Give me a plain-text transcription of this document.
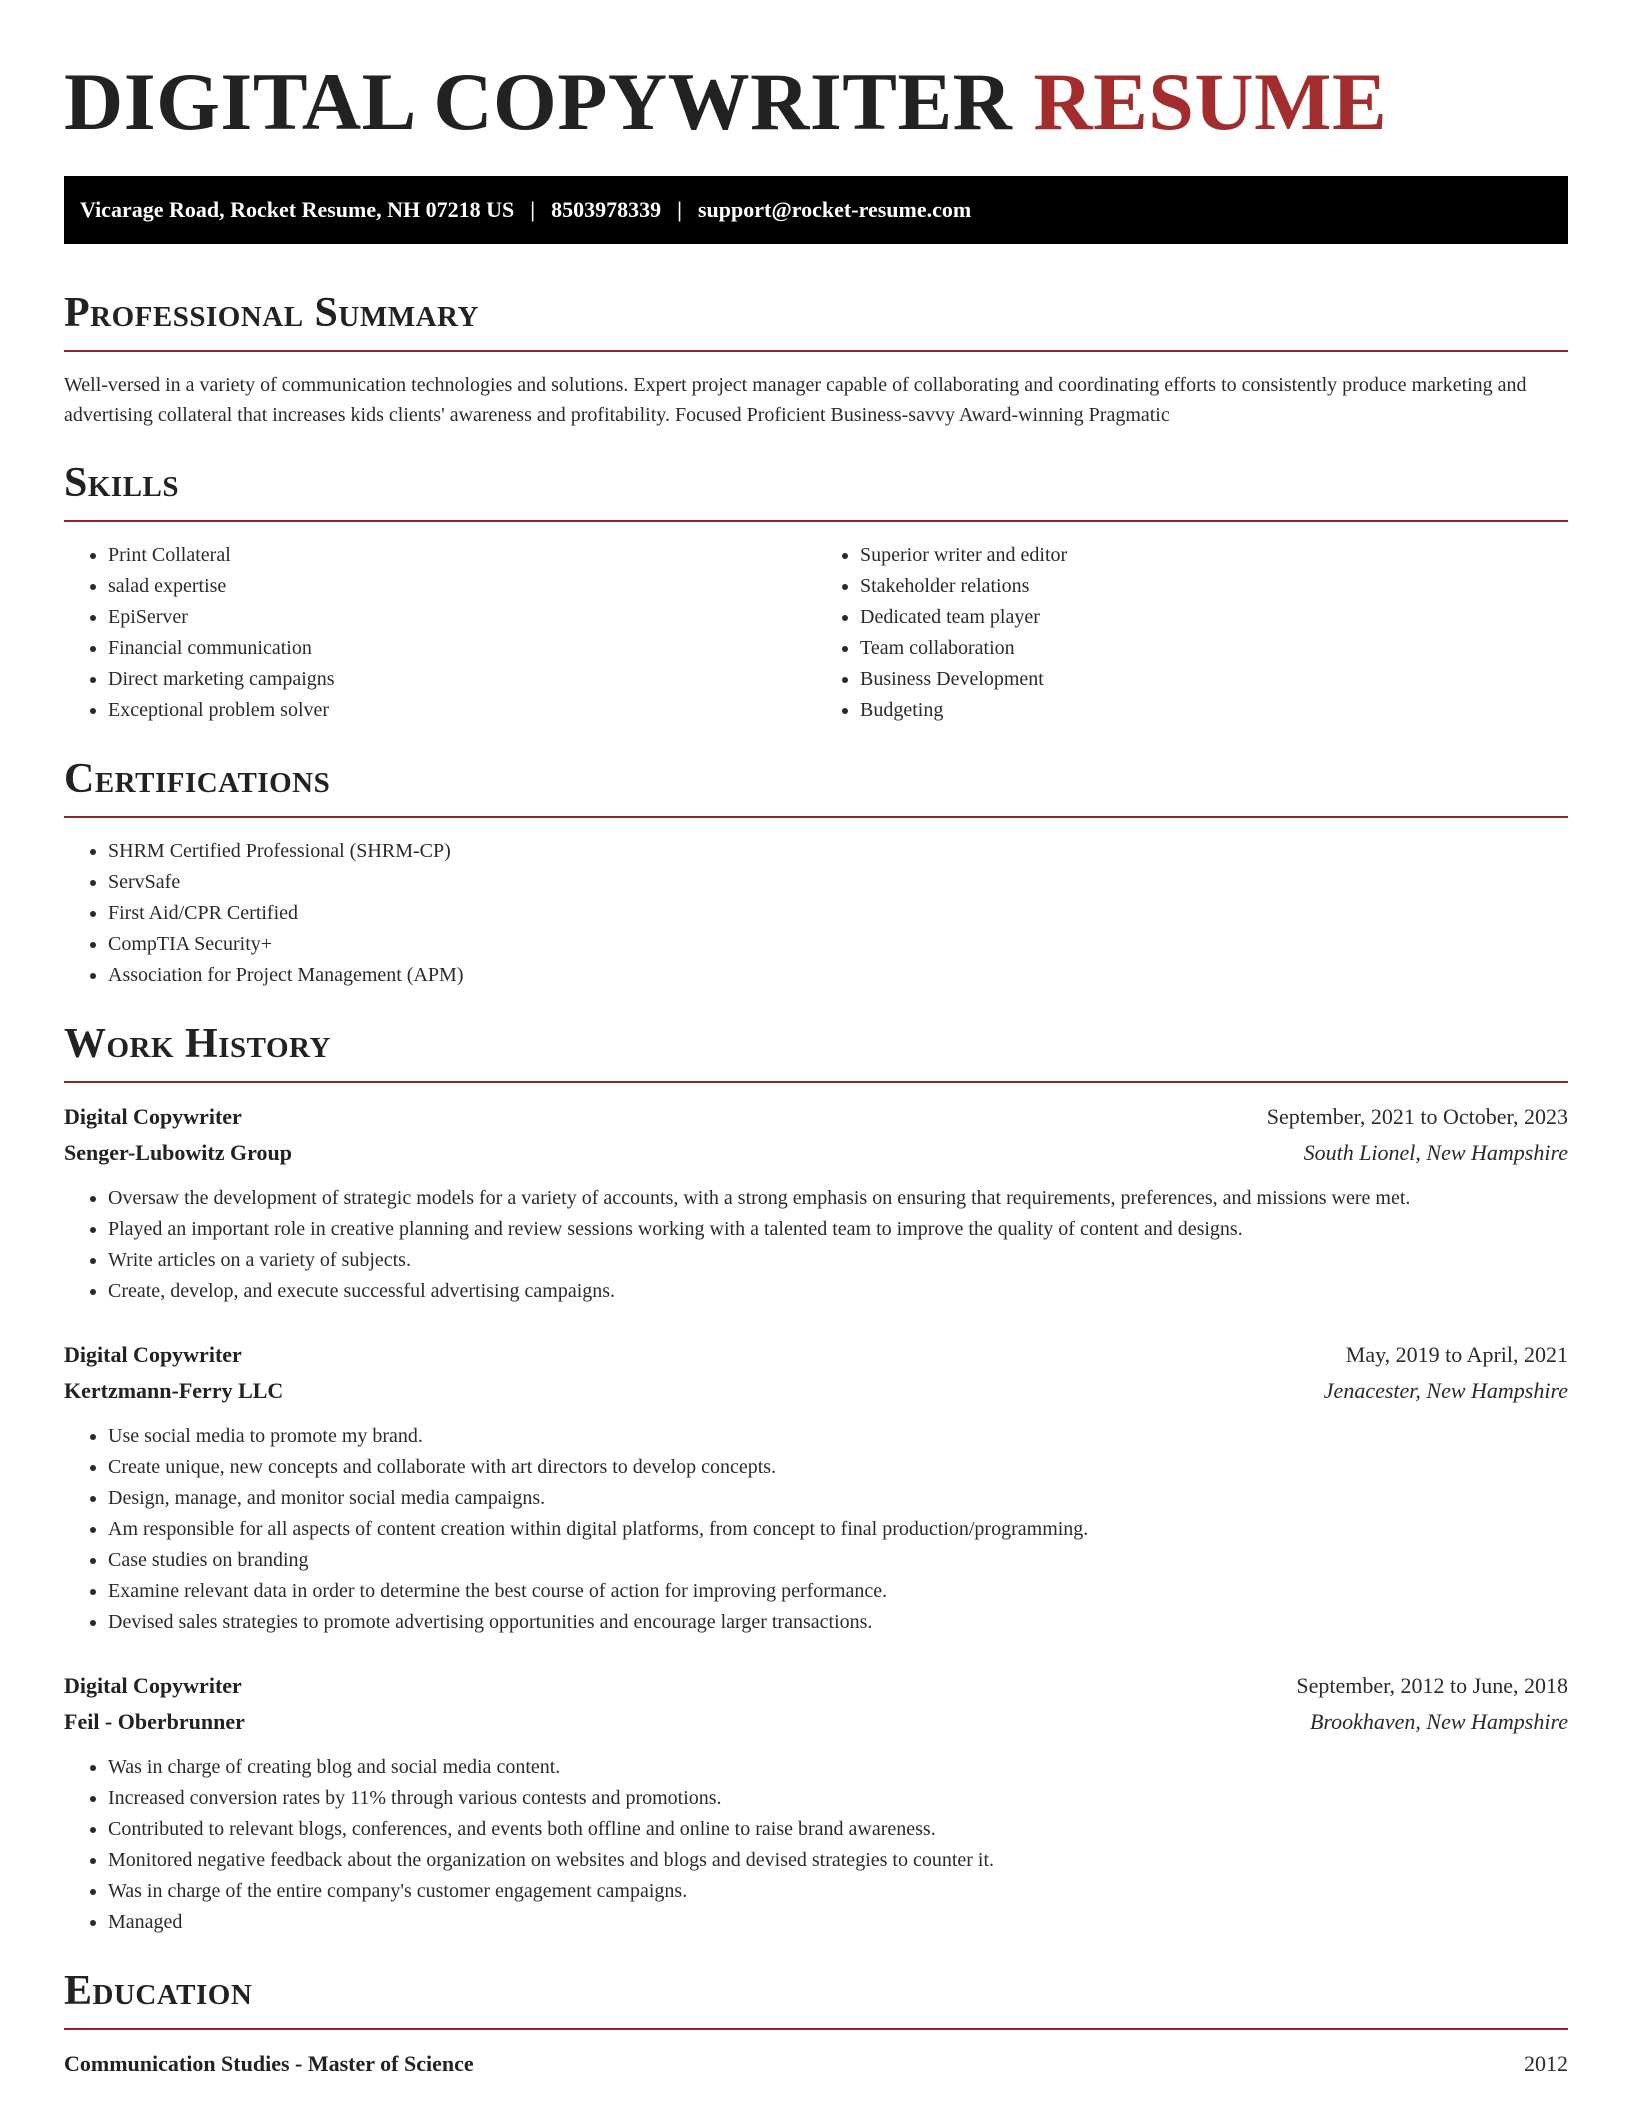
DIGITAL COPYWRITER RESUME
Vicarage Road, Rocket Resume, NH 07218 US | 8503978339 | support@rocket-resume.com
Professional Summary

Well-versed in a variety of communication technologies and solutions. Expert project manager capable of collaborating and coordinating efforts to consistently produce marketing and advertising collateral that increases kids clients' awareness and profitability. Focused Proficient Business-savvy Award-winning Pragmatic

Skills
• Print Collateral
• salad expertise
• EpiServer
• Financial communication
• Direct marketing campaigns
• Exceptional problem solver
• Superior writer and editor
• Stakeholder relations
• Dedicated team player
• Team collaboration
• Business Development
• Budgeting
Certifications
• SHRM Certified Professional (SHRM-CP)
• ServSafe
• First Aid/CPR Certified
• CompTIA Security+
• Association for Project Management (APM)
Work History
Digital Copywriter	September, 2021 to October, 2023
Senger-Lubowitz Group	South Lionel, New Hampshire
• Oversaw the development of strategic models for a variety of accounts, with a strong emphasis on ensuring that requirements, preferences, and missions were met.
• Played an important role in creative planning and review sessions working with a talented team to improve the quality of content and designs.
• Write articles on a variety of subjects.
• Create, develop, and execute successful advertising campaigns.
Digital Copywriter	May, 2019 to April, 2021
Kertzmann-Ferry LLC	Jenacester, New Hampshire
• Use social media to promote my brand.
• Create unique, new concepts and collaborate with art directors to develop concepts.
• Design, manage, and monitor social media campaigns.
• Am responsible for all aspects of content creation within digital platforms, from concept to final production/programming.
• Case studies on branding
• Examine relevant data in order to determine the best course of action for improving performance.
• Devised sales strategies to promote advertising opportunities and encourage larger transactions.
Digital Copywriter	September, 2012 to June, 2018
Feil - Oberbrunner	Brookhaven, New Hampshire
• Was in charge of creating blog and social media content.
• Increased conversion rates by 11% through various contests and promotions.
• Contributed to relevant blogs, conferences, and events both offline and online to raise brand awareness.
• Monitored negative feedback about the organization on websites and blogs and devised strategies to counter it.
• Was in charge of the entire company's customer engagement campaigns.
• Managed
Education
Communication Studies - Master of Science	2012
